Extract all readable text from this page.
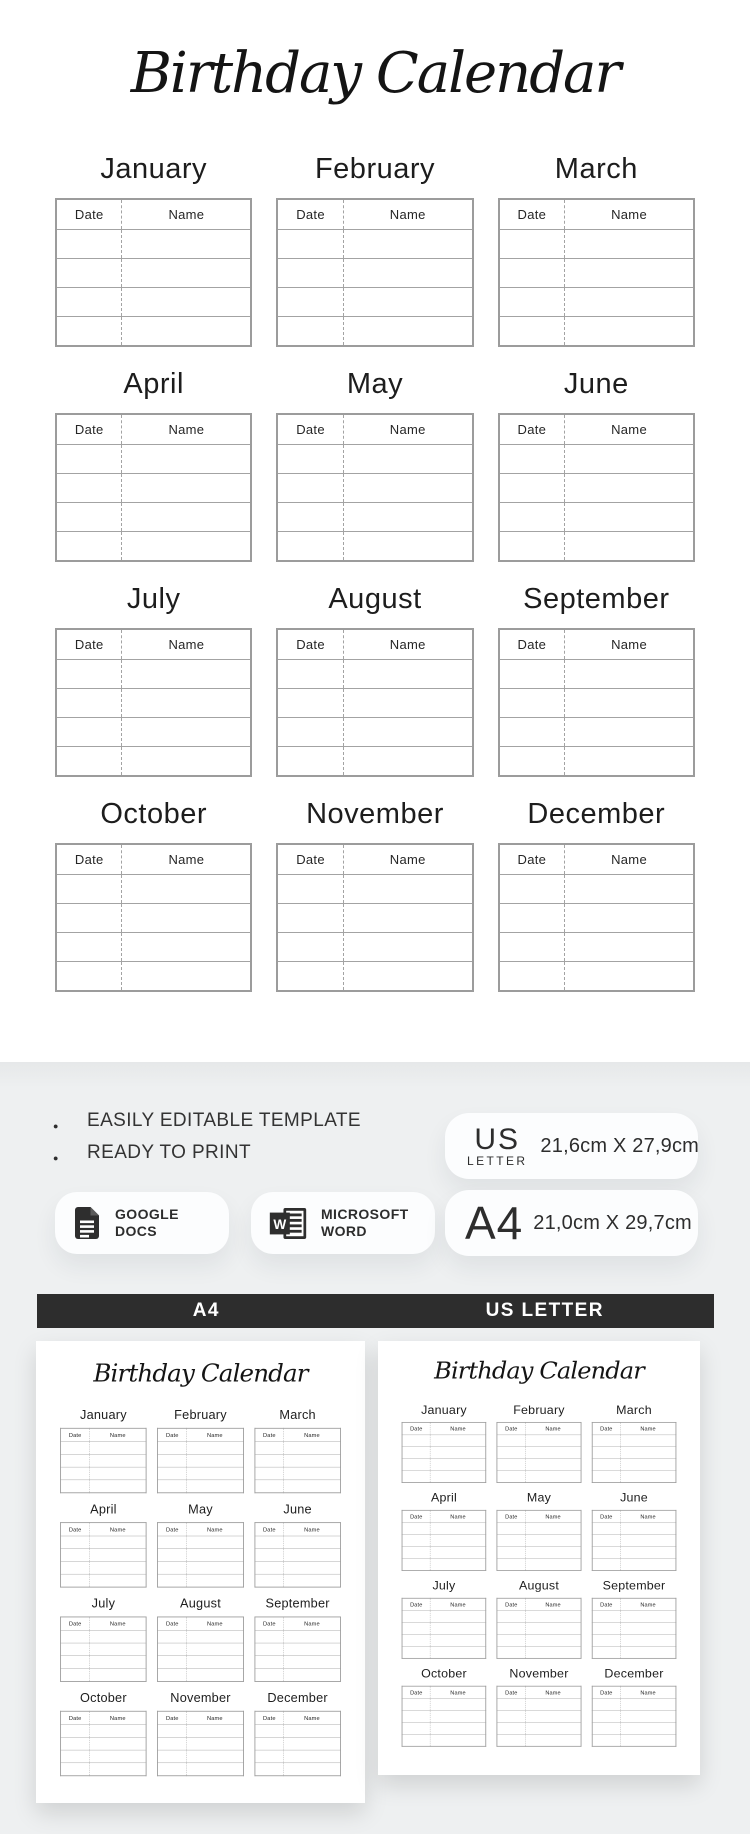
Birthday Calendar
January
Date	Name

February
Date	Name

March
Date	Name

April
Date	Name

May
Date	Name

June
Date	Name

July
Date	Name

August
Date	Name

September
Date	Name

October
Date	Name

November
Date	Name

December
Date	Name

● EASILY EDITABLE TEMPLATE
● READY TO PRINT
GOOGLE DOCS	W
MICROSOFT WORD
US
LETTER
21,6cm X 27,9cm
A4 21,0cm X 29,7cm
A4	US LETTER
Birthday Calendar
January
Date	Name

February
Date	Name

March
Date	Name

April
Date	Name

May
Date	Name

June
Date	Name

July
Date	Name

August
Date	Name

September
Date	Name

October
Date	Name

November
Date	Name

December
Date	Name

Birthday Calendar
January
Date	Name

February
Date	Name

March
Date	Name

April
Date	Name

May
Date	Name

June
Date	Name

July
Date	Name

August
Date	Name

September
Date	Name

October
Date	Name

November
Date	Name

December
Date	Name
